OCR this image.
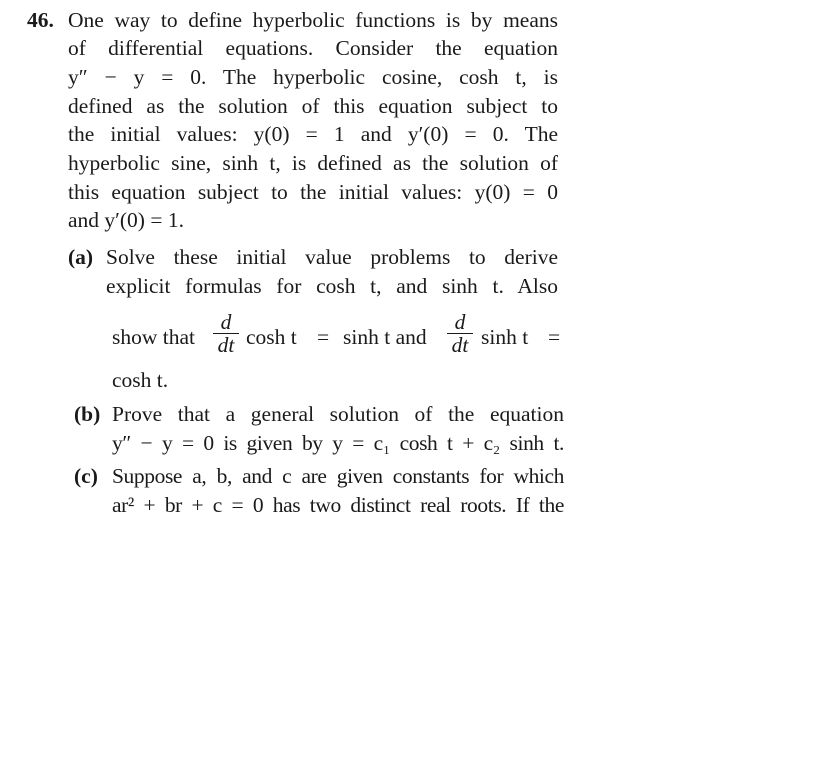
46. One way to define hyperbolic functions is by means
of differential equations. Consider the equation
y″ − y = 0. The hyperbolic cosine, cosh t, is
defined as the solution of this equation subject to
the initial values: y(0) = 1 and y′(0) = 0. The
hyperbolic sine, sinh t, is defined as the solution of
this equation subject to the initial values: y(0) = 0
and y′(0) = 1.
(a) Solve these initial value problems to derive
explicit formulas for cosh t, and sinh t. Also
show that
d
dt cosh t = sinh t and
d
dt sinh t =
cosh t.
(b) Prove that a general solution of the equation
y″ − y = 0 is given by y = c₁ cosh t + c₂ sinh t.
(c) Suppose a, b, and c are given constants for which
ar² + br + c = 0 has two distinct real roots. If the
